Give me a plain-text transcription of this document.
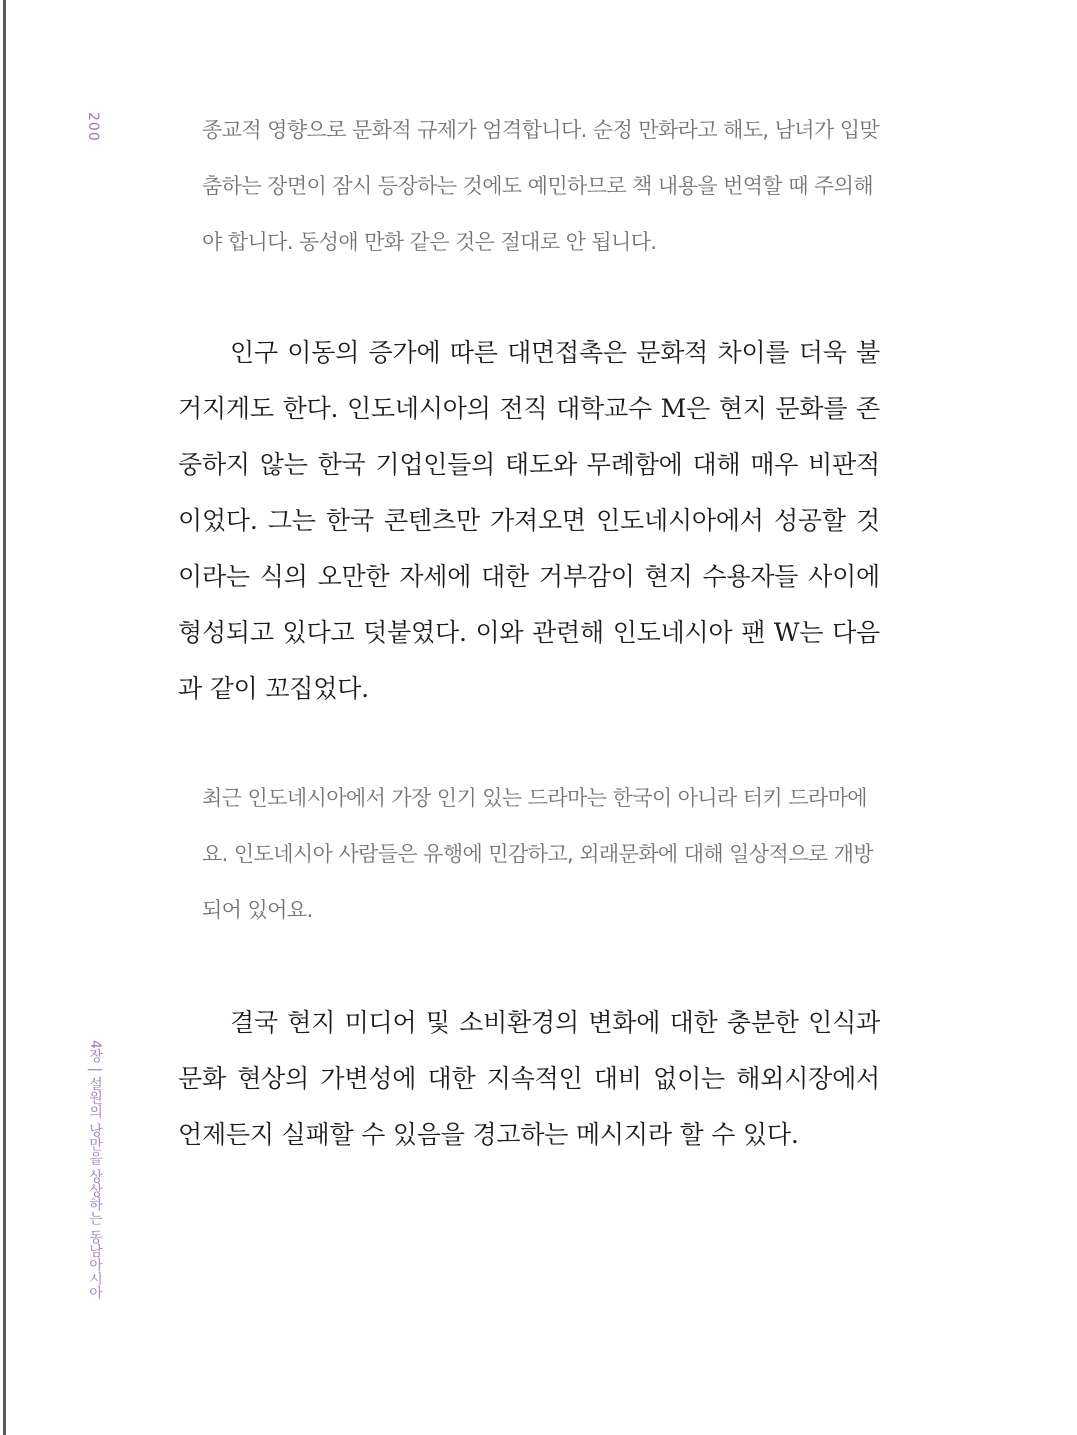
200
4장 | 설원의 낭만을 상상하는 동남아시아

종교적 영향으로 문화적 규제가 엄격합니다. 순정 만화라고 해도, 남녀가 입맞춤하는 장면이 잠시 등장하는 것에도 예민하므로 책 내용을 번역할 때 주의해야 합니다. 동성애 만화 같은 것은 절대로 안 됩니다.

인구 이동의 증가에 따른 대면접촉은 문화적 차이를 더욱 불거지게도 한다. 인도네시아의 전직 대학교수 M은 현지 문화를 존중하지 않는 한국 기업인들의 태도와 무례함에 대해 매우 비판적이었다. 그는 한국 콘텐츠만 가져오면 인도네시아에서 성공할 것이라는 식의 오만한 자세에 대한 거부감이 현지 수용자들 사이에 형성되고 있다고 덧붙였다. 이와 관련해 인도네시아 팬 W는 다음과 같이 꼬집었다.

최근 인도네시아에서 가장 인기 있는 드라마는 한국이 아니라 터키 드라마에요. 인도네시아 사람들은 유행에 민감하고, 외래문화에 대해 일상적으로 개방되어 있어요.

결국 현지 미디어 및 소비환경의 변화에 대한 충분한 인식과 문화 현상의 가변성에 대한 지속적인 대비 없이는 해외시장에서 언제든지 실패할 수 있음을 경고하는 메시지라 할 수 있다.
